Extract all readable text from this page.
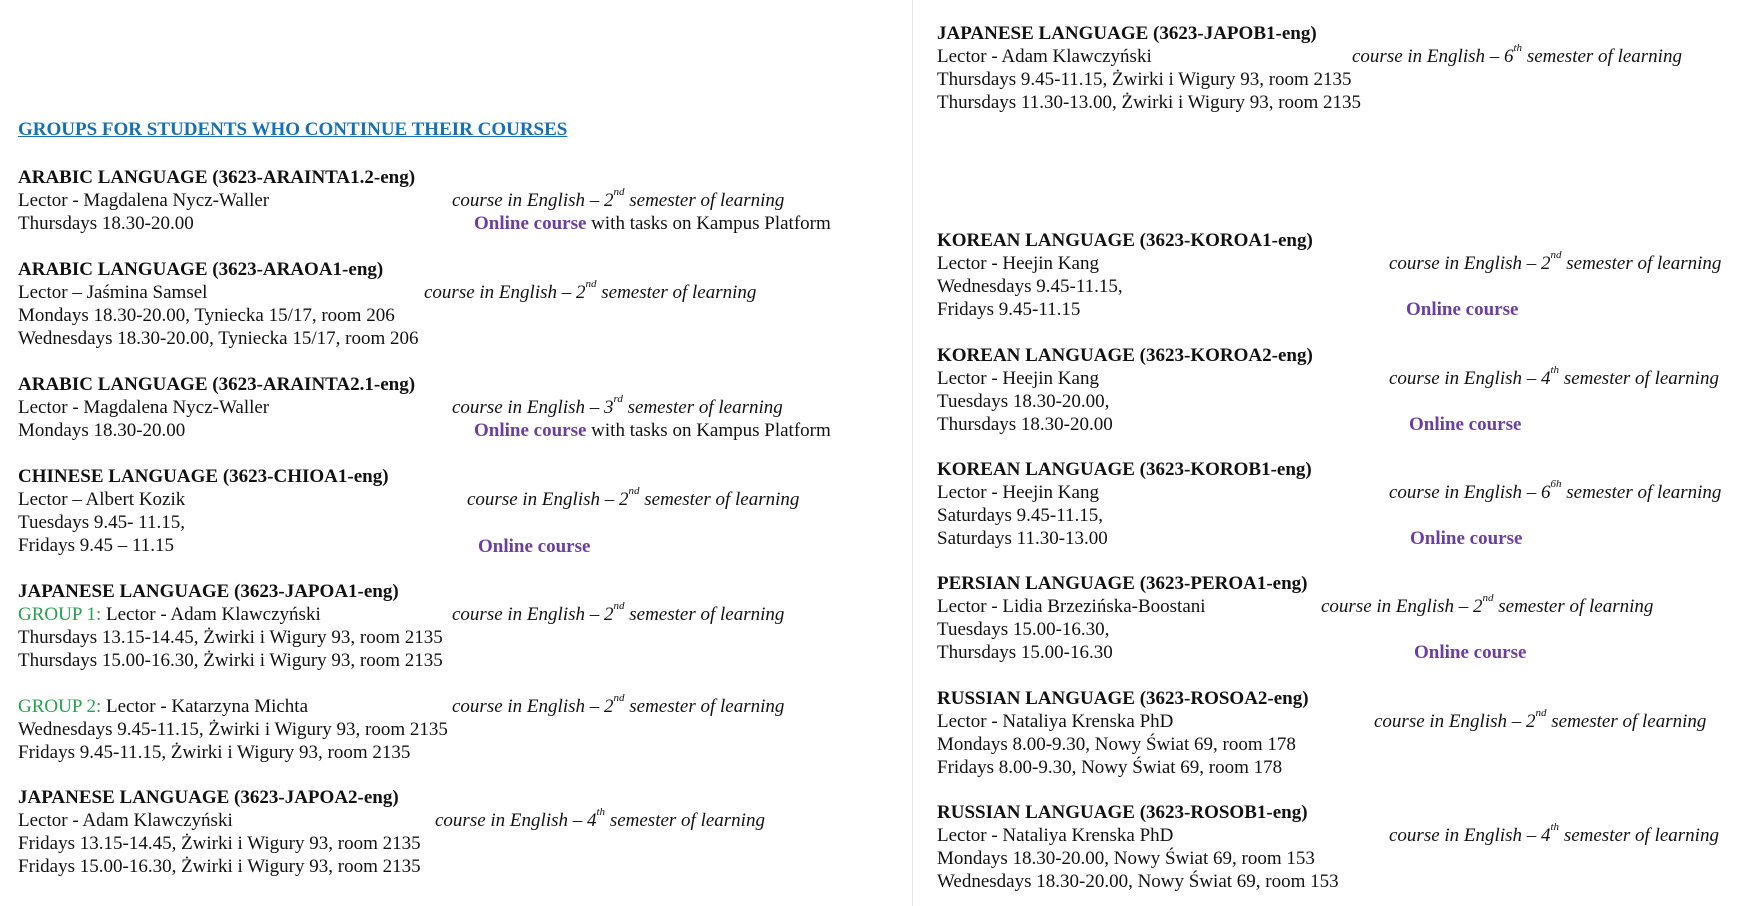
GROUPS FOR STUDENTS WHO CONTINUE THEIR COURSES
ARABIC LANGUAGE (3623-ARAINTA1.2-eng)
Lector - Magdalena Nycz-Waller	course in English – 2nd semester of learning
Thursdays 18.30-20.00	Online course with tasks on Kampus Platform
ARABIC LANGUAGE (3623-ARAOA1-eng)
Lector – Jaśmina Samsel	course in English – 2nd semester of learning
Mondays 18.30-20.00, Tyniecka 15/17, room 206
Wednesdays 18.30-20.00, Tyniecka 15/17, room 206
ARABIC LANGUAGE (3623-ARAINTA2.1-eng)
Lector - Magdalena Nycz-Waller	course in English – 3rd semester of learning
Mondays 18.30-20.00	Online course with tasks on Kampus Platform
CHINESE LANGUAGE (3623-CHIOA1-eng)
Lector – Albert Kozik	course in English – 2nd semester of learning
Tuesdays 9.45- 11.15,
Fridays 9.45 – 11.15	Online course
JAPANESE LANGUAGE (3623-JAPOA1-eng)
GROUP 1: Lector - Adam Klawczyński	course in English – 2nd semester of learning
Thursdays 13.15-14.45, Żwirki i Wigury 93, room 2135
Thursdays 15.00-16.30, Żwirki i Wigury 93, room 2135
GROUP 2: Lector - Katarzyna Michta	course in English – 2nd semester of learning
Wednesdays 9.45-11.15, Żwirki i Wigury 93, room 2135
Fridays 9.45-11.15, Żwirki i Wigury 93, room 2135
JAPANESE LANGUAGE (3623-JAPOA2-eng)
Lector - Adam Klawczyński	course in English – 4th semester of learning
Fridays 13.15-14.45, Żwirki i Wigury 93, room 2135
Fridays 15.00-16.30, Żwirki i Wigury 93, room 2135
JAPANESE LANGUAGE (3623-JAPOB1-eng)
Lector - Adam Klawczyński	course in English – 6th semester of learning
Thursdays 9.45-11.15, Żwirki i Wigury 93, room 2135
Thursdays 11.30-13.00, Żwirki i Wigury 93, room 2135
KOREAN LANGUAGE (3623-KOROA1-eng)
Lector - Heejin Kang	course in English – 2nd semester of learning
Wednesdays 9.45-11.15,
Fridays 9.45-11.15	Online course
KOREAN LANGUAGE (3623-KOROA2-eng)
Lector - Heejin Kang	course in English – 4th semester of learning
Tuesdays 18.30-20.00,
Thursdays 18.30-20.00	Online course
KOREAN LANGUAGE (3623-KOROB1-eng)
Lector - Heejin Kang	course in English – $6^{6h}$ semester of learning
Saturdays 9.45-11.15,
Saturdays 11.30-13.00	Online course
PERSIAN LANGUAGE (3623-PEROA1-eng)
Lector - Lidia Brzezińska-Boostani	course in English – 2nd semester of learning
Tuesdays 15.00-16.30,
Thursdays 15.00-16.30	Online course
RUSSIAN LANGUAGE (3623-ROSOA2-eng)
Lector - Nataliya Krenska PhD	course in English – 2nd semester of learning
Mondays 8.00-9.30, Nowy Świat 69, room 178
Fridays 8.00-9.30, Nowy Świat 69, room 178
RUSSIAN LANGUAGE (3623-ROSOB1-eng)
Lector - Nataliya Krenska PhD	course in English – 4th semester of learning
Mondays 18.30-20.00, Nowy Świat 69, room 153
Wednesdays 18.30-20.00, Nowy Świat 69, room 153
